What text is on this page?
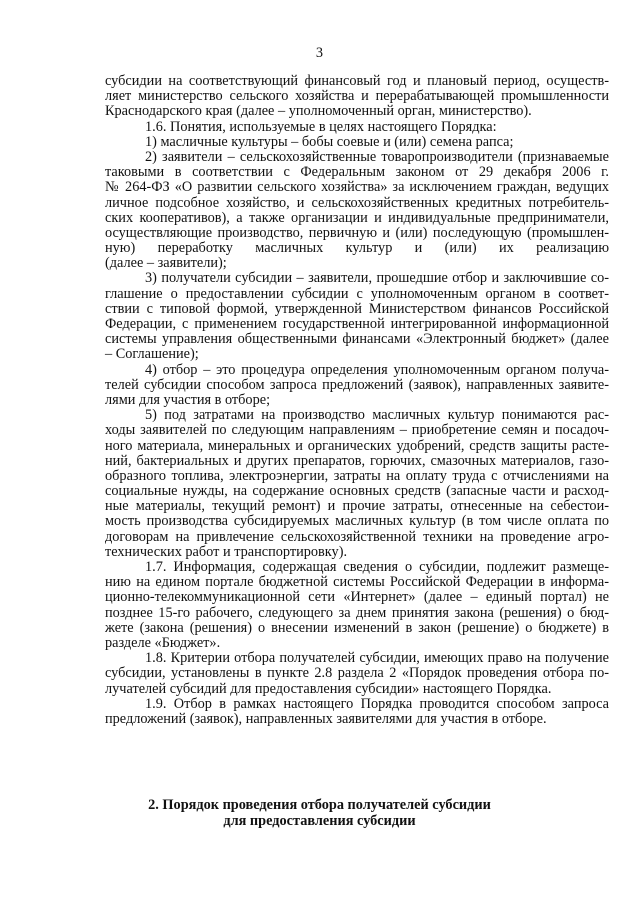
3
субсидии на соответствующий финансовый год и плановый период, осуществ-
ляет министерство сельского хозяйства и перерабатывающей промышленности
Краснодарского края (далее – уполномоченный орган, министерство).
1.6. Понятия, используемые в целях настоящего Порядка:
1) масличные культуры – бобы соевые и (или) семена рапса;
2) заявители – сельскохозяйственные товаропроизводители (признаваемые
таковыми в соответствии с Федеральным законом от 29 декабря 2006 г.
№ 264-ФЗ «О развитии сельского хозяйства» за исключением граждан, ведущих
личное подсобное хозяйство, и сельскохозяйственных кредитных потребитель-
ских кооперативов), а также организации и индивидуальные предприниматели,
осуществляющие производство, первичную и (или) последующую (промышлен-
ную) переработку масличных культур и (или) их реализацию
(далее – заявители);
3) получатели субсидии – заявители, прошедшие отбор и заключившие со-
глашение о предоставлении субсидии с уполномоченным органом в соответ-
ствии с типовой формой, утвержденной Министерством финансов Российской
Федерации, с применением государственной интегрированной информационной
системы управления общественными финансами «Электронный бюджет» (далее
– Соглашение);
4) отбор – это процедура определения уполномоченным органом получа-
телей субсидии способом запроса предложений (заявок), направленных заявите-
лями для участия в отборе;
5) под затратами на производство масличных культур понимаются рас-
ходы заявителей по следующим направлениям – приобретение семян и посадоч-
ного материала, минеральных и органических удобрений, средств защиты расте-
ний, бактериальных и других препаратов, горючих, смазочных материалов, газо-
образного топлива, электроэнергии, затраты на оплату труда с отчислениями на
социальные нужды, на содержание основных средств (запасные части и расход-
ные материалы, текущий ремонт) и прочие затраты, отнесенные на себестои-
мость производства субсидируемых масличных культур (в том числе оплата по
договорам на привлечение сельскохозяйственной техники на проведение агро-
технических работ и транспортировку).
1.7. Информация, содержащая сведения о субсидии, подлежит размеще-
нию на едином портале бюджетной системы Российской Федерации в информа-
ционно-телекоммуникационной сети «Интернет» (далее – единый портал) не
позднее 15-го рабочего, следующего за днем принятия закона (решения) о бюд-
жете (закона (решения) о внесении изменений в закон (решение) о бюджете) в
разделе «Бюджет».
1.8. Критерии отбора получателей субсидии, имеющих право на получение
субсидии, установлены в пункте 2.8 раздела 2 «Порядок проведения отбора по-
лучателей субсидий для предоставления субсидии» настоящего Порядка.
1.9. Отбор в рамках настоящего Порядка проводится способом запроса
предложений (заявок), направленных заявителями для участия в отборе.
2. Порядок проведения отбора получателей субсидии
для предоставления субсидии
